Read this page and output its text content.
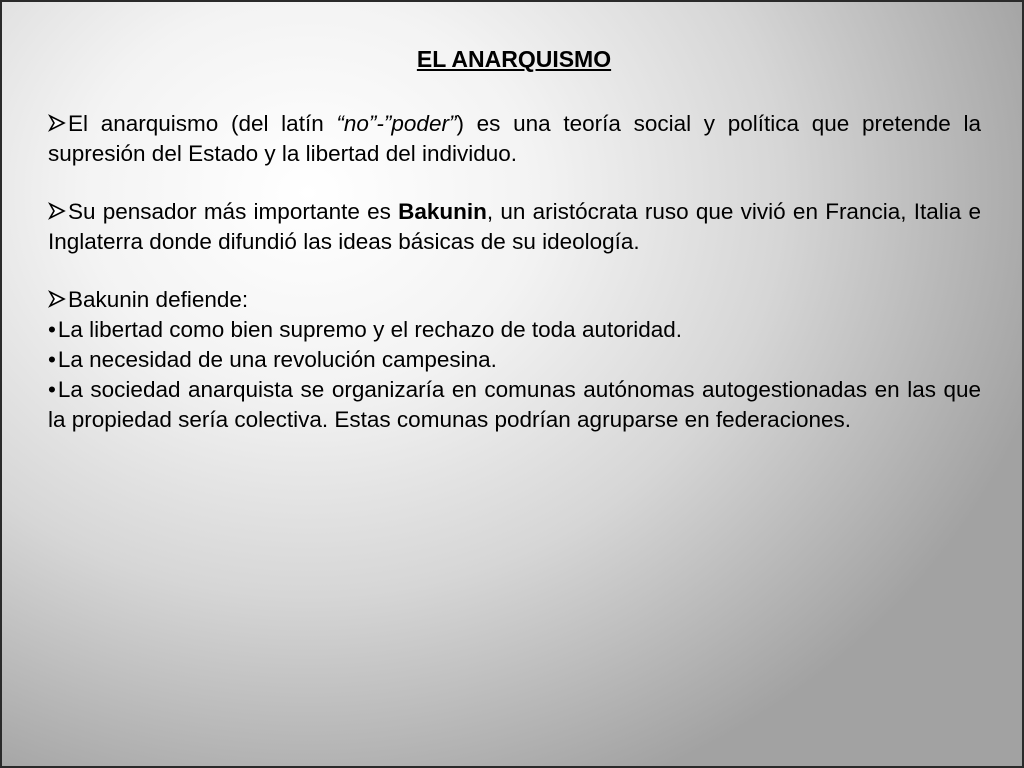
EL ANARQUISMO

El anarquismo (del latín “no”-”poder”) es una teoría social y política que pretende la supresión del Estado y la libertad del individuo.

Su pensador más importante es Bakunin, un aristócrata ruso que vivió en Francia, Italia e Inglaterra donde difundió las ideas básicas de su ideología.

Bakunin defiende:

•La libertad como bien supremo y el rechazo de toda autoridad.

•La necesidad de una revolución campesina.

•La sociedad anarquista se organizaría en comunas autónomas autogestionadas en las que la propiedad sería colectiva. Estas comunas podrían agruparse en federaciones.
